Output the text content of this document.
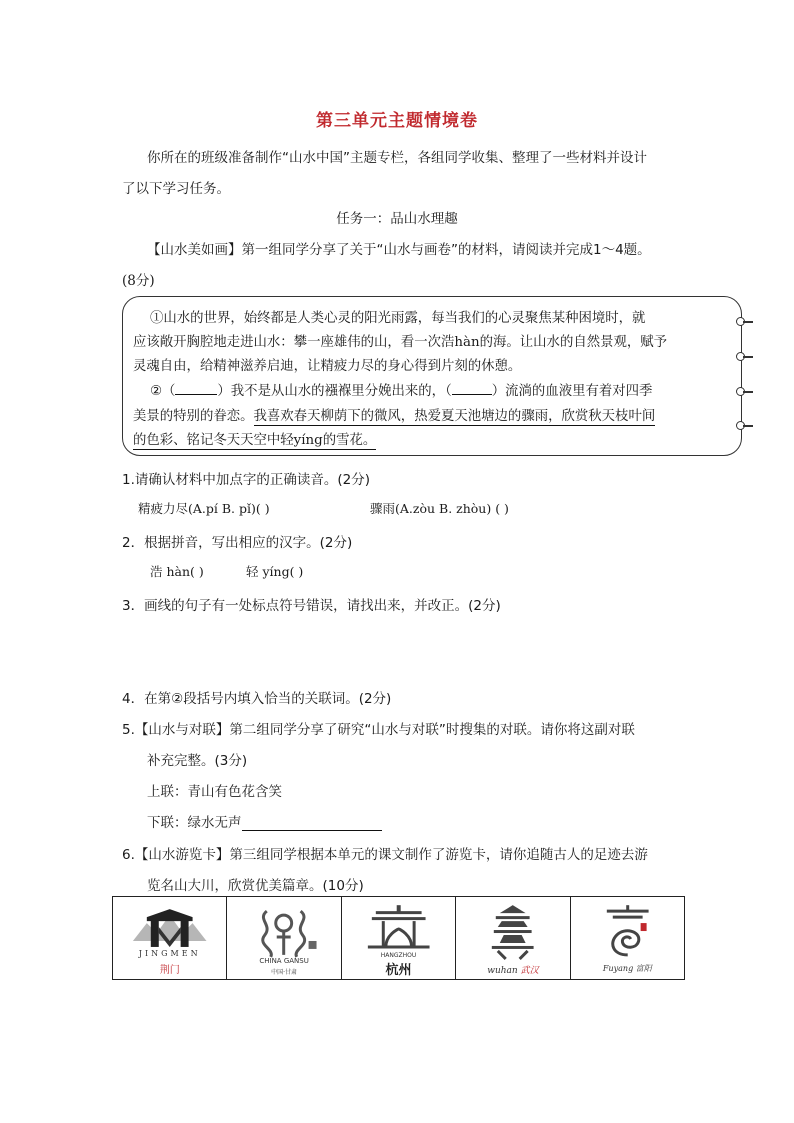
第三单元主题情境卷
你所在的班级准备制作“山水中国”主题专栏，各组同学收集、整理了一些材料并设计
了以下学习任务。
任务一：品山水理趣
【山水美如画】第一组同学分享了关于“山水与画卷”的材料，请阅读并完成1～4题。
(8分)
①山水的世界，始终都是人类心灵的阳光雨露，每当我们的心灵聚焦某种困境时，就
应该敞开胸腔地走进山水：攀一座雄伟的山，看一次浩hàn的海。让山水的自然景观，赋予
灵魂自由，给精神滋养启迪，让精疲力尽的身心得到片刻的休憩。
②（	）我不是从山水的襁褓里分娩出来的，（	）流淌的血液里有着对四季
美景的特别的眷恋。我喜欢春天柳荫下的微风，热爱夏天池塘边的骤雨，欣赏秋天枝叶间
的色彩、铭记冬天天空中轻yíng的雪花。
1.请确认材料中加点字的正确读音。(2分)
精疲力尽(A.pí B. pǐ)( )	骤雨(A.zòu B. zhòu) ( )
2．根据拼音，写出相应的汉字。(2分)
浩 hàn( )	轻 yíng( )
3．画线的句子有一处标点符号错误，请找出来，并改正。(2分)
4．在第②段括号内填入恰当的关联词。(2分)
5.【山水与对联】第二组同学分享了研究“山水与对联”时搜集的对联。请你将这副对联
补充完整。(3分)
上联：青山有色花含笑
下联：绿水无声
6.【山水游览卡】第三组同学根据本单元的课文制作了游览卡，请你追随古人的足迹去游
览名山大川，欣赏优美篇章。(10分)
JINGMEN
荆门
CHINA GANSU
中国·甘肃
HANGZHOU
杭州	wuhan 武汉	Fuyang 富阳
